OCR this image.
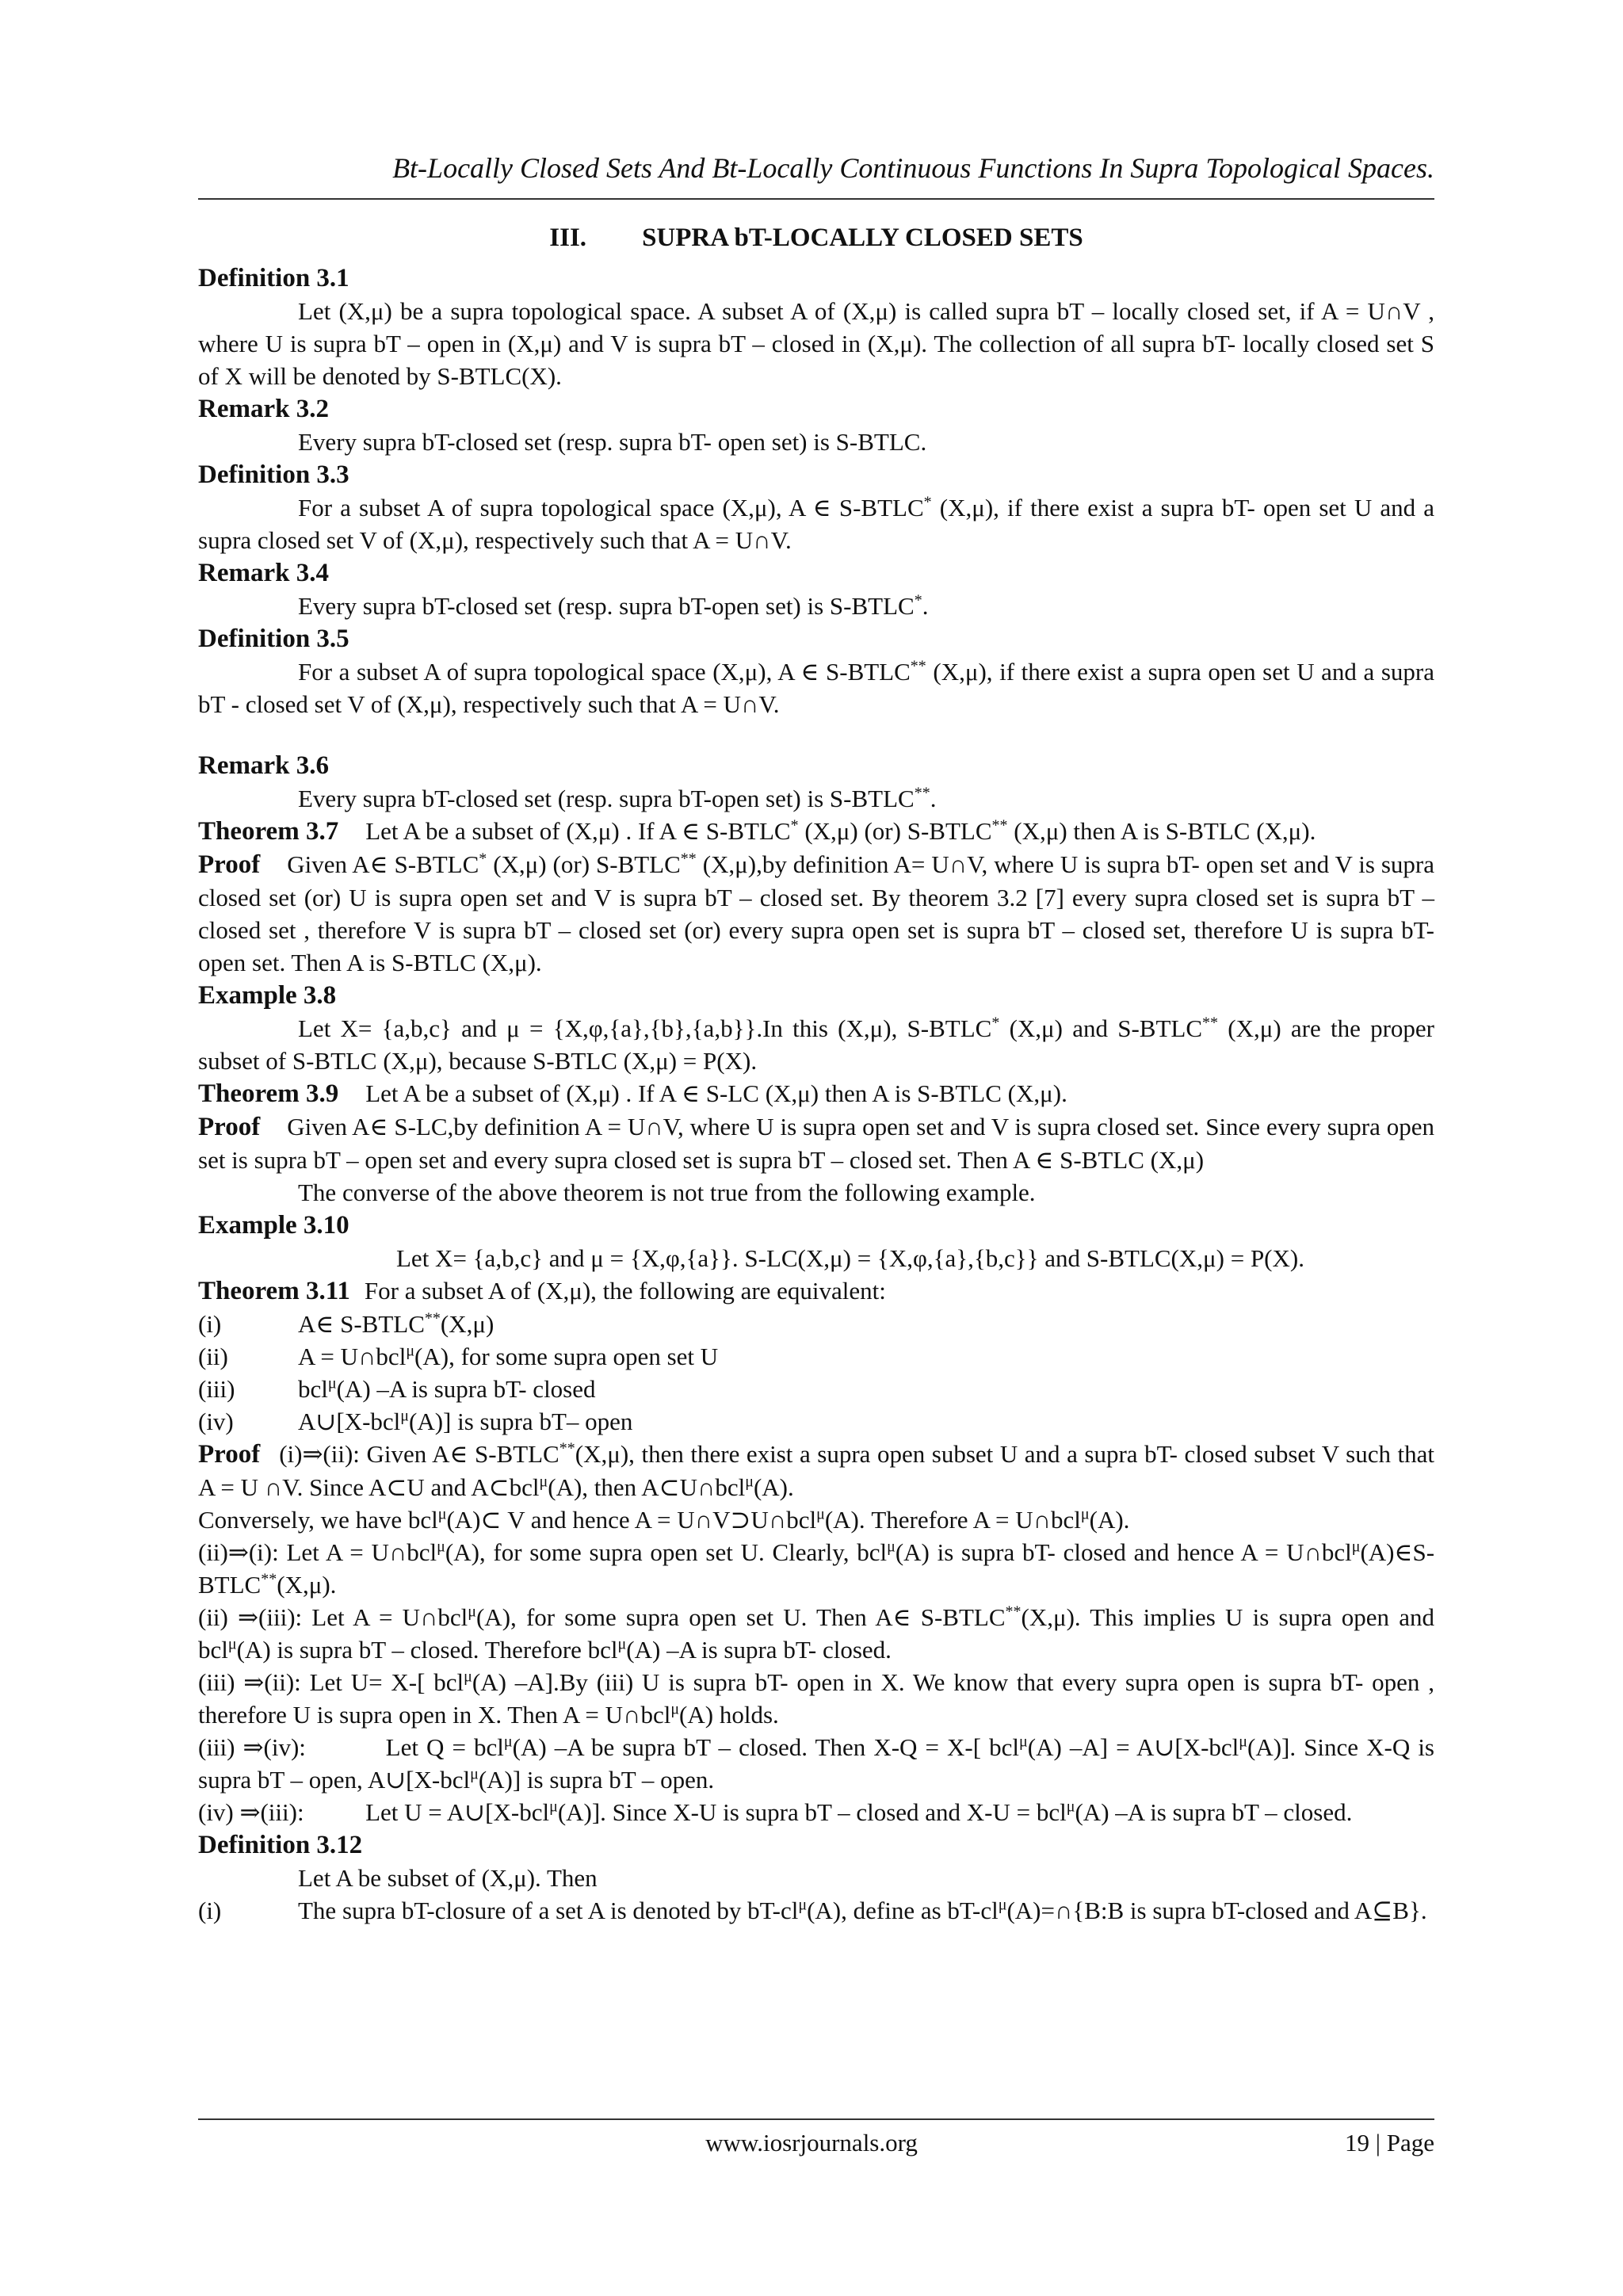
Bt-Locally Closed Sets And Bt-Locally Continuous Functions In Supra Topological Spaces.
III. SUPRA bT-LOCALLY CLOSED SETS
Definition 3.1

Let (X,μ) be a supra topological space. A subset A of (X,μ) is called supra bT – locally closed set, if A = U∩V , where U is supra bT – open in (X,μ) and V is supra bT – closed in (X,μ). The collection of all supra bT- locally closed set S of X will be denoted by S-BTLC(X).

Remark 3.2

Every supra bT-closed set (resp. supra bT- open set) is S-BTLC.

Definition 3.3

For a subset A of supra topological space (X,μ), A ∈ S-BTLC* (X,μ), if there exist a supra bT- open set U and a supra closed set V of (X,μ), respectively such that A = U∩V.

Remark 3.4

Every supra bT-closed set (resp. supra bT-open set) is S-BTLC*.

Definition 3.5

For a subset A of supra topological space (X,μ), A ∈ S-BTLC** (X,μ), if there exist a supra open set U and a supra bT - closed set V of (X,μ), respectively such that A = U∩V.

Remark 3.6

Every supra bT-closed set (resp. supra bT-open set) is S-BTLC**.

Theorem 3.7 Let A be a subset of (X,μ) . If A ∈ S-BTLC* (X,μ) (or) S-BTLC** (X,μ) then A is S-BTLC (X,μ).

Proof Given A∈ S-BTLC* (X,μ) (or) S-BTLC** (X,μ),by definition A= U∩V, where U is supra bT- open set and V is supra closed set (or) U is supra open set and V is supra bT – closed set. By theorem 3.2 [7] every supra closed set is supra bT – closed set , therefore V is supra bT – closed set (or) every supra open set is supra bT – closed set, therefore U is supra bT- open set. Then A is S-BTLC (X,μ).

Example 3.8

Let X= {a,b,c} and μ = {X,φ,{a},{b},{a,b}}.In this (X,μ), S-BTLC* (X,μ) and S-BTLC** (X,μ) are the proper subset of S-BTLC (X,μ), because S-BTLC (X,μ) = P(X).

Theorem 3.9 Let A be a subset of (X,μ) . If A ∈ S-LC (X,μ) then A is S-BTLC (X,μ).

Proof Given A∈ S-LC,by definition A = U∩V, where U is supra open set and V is supra closed set. Since every supra open set is supra bT – open set and every supra closed set is supra bT – closed set. Then A ∈ S-BTLC (X,μ)

The converse of the above theorem is not true from the following example.

Example 3.10

Let X= {a,b,c} and μ = {X,φ,{a}}. S-LC(X,μ) = {X,φ,{a},{b,c}} and S-BTLC(X,μ) = P(X).

Theorem 3.11 For a subset A of (X,μ), the following are equivalent:

(i)	A∈ S-BTLC**(X,μ)
(ii)	A = U∩bcl$^\mu$(A), for some supra open set U
(iii)	bcl$^\mu$(A) –A is supra bT- closed
(iv)	A∪[X-bcl$^\mu$(A)] is supra bT– open

Proof (i)⇒(ii): Given A∈ S-BTLC**(X,μ), then there exist a supra open subset U and a supra bT- closed subset V such that A = U ∩V. Since A⊂U and A⊂bcl$^\mu$(A), then A⊂U∩bcl$^\mu$(A).

Conversely, we have bcl$^\mu$(A)⊂ V and hence A = U∩V⊃U∩bcl$^\mu$(A). Therefore A = U∩bcl$^\mu$(A).

(ii)⇒(i): Let A = U∩bcl$^\mu$(A), for some supra open set U. Clearly, bcl$^\mu$(A) is supra bT- closed and hence A = U∩bcl$^\mu$(A)∈S-BTLC**(X,μ).

(ii) ⇒(iii): Let A = U∩bcl$^\mu$(A), for some supra open set U. Then A∈ S-BTLC**(X,μ). This implies U is supra open and bcl$^\mu$(A) is supra bT – closed. Therefore bcl$^\mu$(A) –A is supra bT- closed.

(iii) ⇒(ii): Let U= X-[ bcl$^\mu$(A) –A].By (iii) U is supra bT- open in X. We know that every supra open is supra bT- open , therefore U is supra open in X. Then A = U∩bcl$^\mu$(A) holds.

(iii) ⇒(iv):          Let Q = bcl$^\mu$(A) –A be supra bT – closed. Then X-Q = X-[ bcl$^\mu$(A) –A] = A∪[X-bcl$^\mu$(A)]. Since X-Q is supra bT – open, A∪[X-bcl$^\mu$(A)] is supra bT – open.

(iv) ⇒(iii):          Let U = A∪[X-bcl$^\mu$(A)]. Since X-U is supra bT – closed and X-U = bcl$^\mu$(A) –A is supra bT – closed.

Definition 3.12

Let A be subset of (X,μ). Then

(i)	The supra bT-closure of a set A is denoted by $bT-cl^\mu(A)$, define as $bT-cl^\mu(A)=\cap\{B:B$ is supra bT-closed and A⊆B}.
www.iosrjournals.org	19 | Page
